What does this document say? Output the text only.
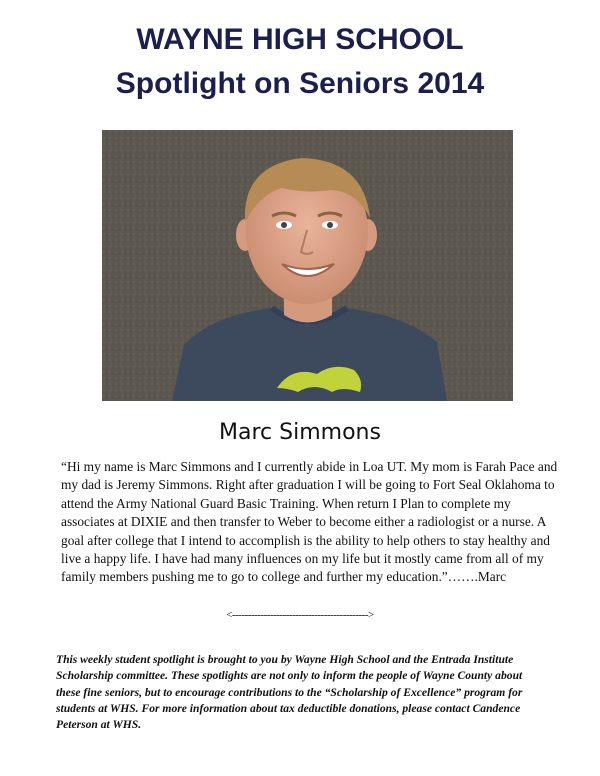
WAYNE HIGH SCHOOL
Spotlight on Seniors 2014
Marc Simmons

“Hi my name is Marc Simmons and I currently abide in Loa UT. My mom is Farah Pace and my dad is Jeremy Simmons. Right after graduation I will be going to Fort Seal Oklahoma to attend the Army National Guard Basic Training. When return I Plan to complete my associates at DIXIE and then transfer to Weber to become either a radiologist or a nurse. A goal after college that I intend to accomplish is the ability to help others to stay healthy and live a happy life. I have had many influences on my life but it mostly came from all of my family members pushing me to go to college and further my education.”…….Marc

<------------------------------------------->

This weekly student spotlight is brought to you by Wayne High School and the Entrada Institute Scholarship committee. These spotlights are not only to inform the people of Wayne County about these fine seniors, but to encourage contributions to the “Scholarship of Excellence” program for students at WHS. For more information about tax deductible donations, please contact Candence Peterson at WHS.
